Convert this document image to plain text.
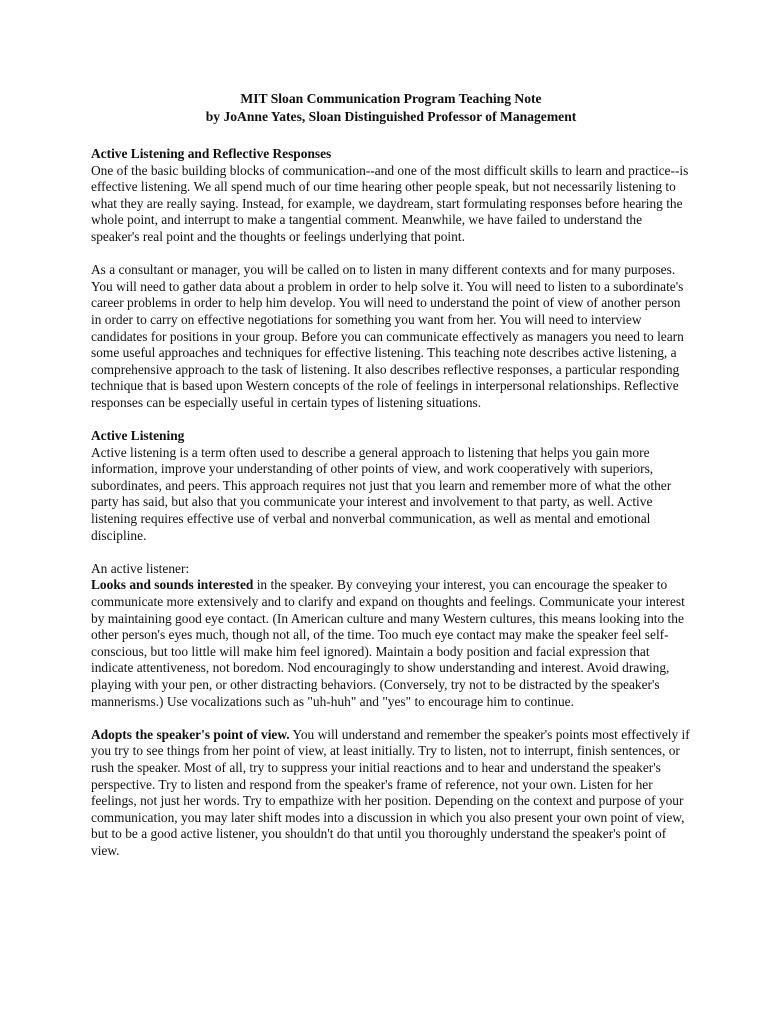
MIT Sloan Communication Program Teaching Note
by JoAnne Yates, Sloan Distinguished Professor of Management

Active Listening and Reflective Responses
One of the basic building blocks of communication--and one of the most difficult skills to learn and practice--is effective listening. We all spend much of our time hearing other people speak, but not necessarily listening to what they are really saying. Instead, for example, we daydream, start formulating responses before hearing the whole point, and interrupt to make a tangential comment. Meanwhile, we have failed to understand the speaker's real point and the thoughts or feelings underlying that point.

As a consultant or manager, you will be called on to listen in many different contexts and for many purposes. You will need to gather data about a problem in order to help solve it. You will need to listen to a subordinate's career problems in order to help him develop. You will need to understand the point of view of another person in order to carry on effective negotiations for something you want from her. You will need to interview candidates for positions in your group. Before you can communicate effectively as managers you need to learn some useful approaches and techniques for effective listening. This teaching note describes active listening, a comprehensive approach to the task of listening. It also describes reflective responses, a particular responding technique that is based upon Western concepts of the role of feelings in interpersonal relationships. Reflective responses can be especially useful in certain types of listening situations.

Active Listening
Active listening is a term often used to describe a general approach to listening that helps you gain more information, improve your understanding of other points of view, and work cooperatively with superiors, subordinates, and peers. This approach requires not just that you learn and remember more of what the other party has said, but also that you communicate your interest and involvement to that party, as well. Active listening requires effective use of verbal and nonverbal communication, as well as mental and emotional discipline.

An active listener:
Looks and sounds interested in the speaker. By conveying your interest, you can encourage the speaker to communicate more extensively and to clarify and expand on thoughts and feelings. Communicate your interest by maintaining good eye contact. (In American culture and many Western cultures, this means looking into the other person's eyes much, though not all, of the time. Too much eye contact may make the speaker feel self-conscious, but too little will make him feel ignored). Maintain a body position and facial expression that indicate attentiveness, not boredom. Nod encouragingly to show understanding and interest. Avoid drawing, playing with your pen, or other distracting behaviors. (Conversely, try not to be distracted by the speaker's mannerisms.) Use vocalizations such as "uh-huh" and "yes" to encourage him to continue.

Adopts the speaker's point of view. You will understand and remember the speaker's points most effectively if you try to see things from her point of view, at least initially. Try to listen, not to interrupt, finish sentences, or rush the speaker. Most of all, try to suppress your initial reactions and to hear and understand the speaker's perspective. Try to listen and respond from the speaker's frame of reference, not your own. Listen for her feelings, not just her words. Try to empathize with her position. Depending on the context and purpose of your communication, you may later shift modes into a discussion in which you also present your own point of view, but to be a good active listener, you shouldn't do that until you thoroughly understand the speaker's point of view.
